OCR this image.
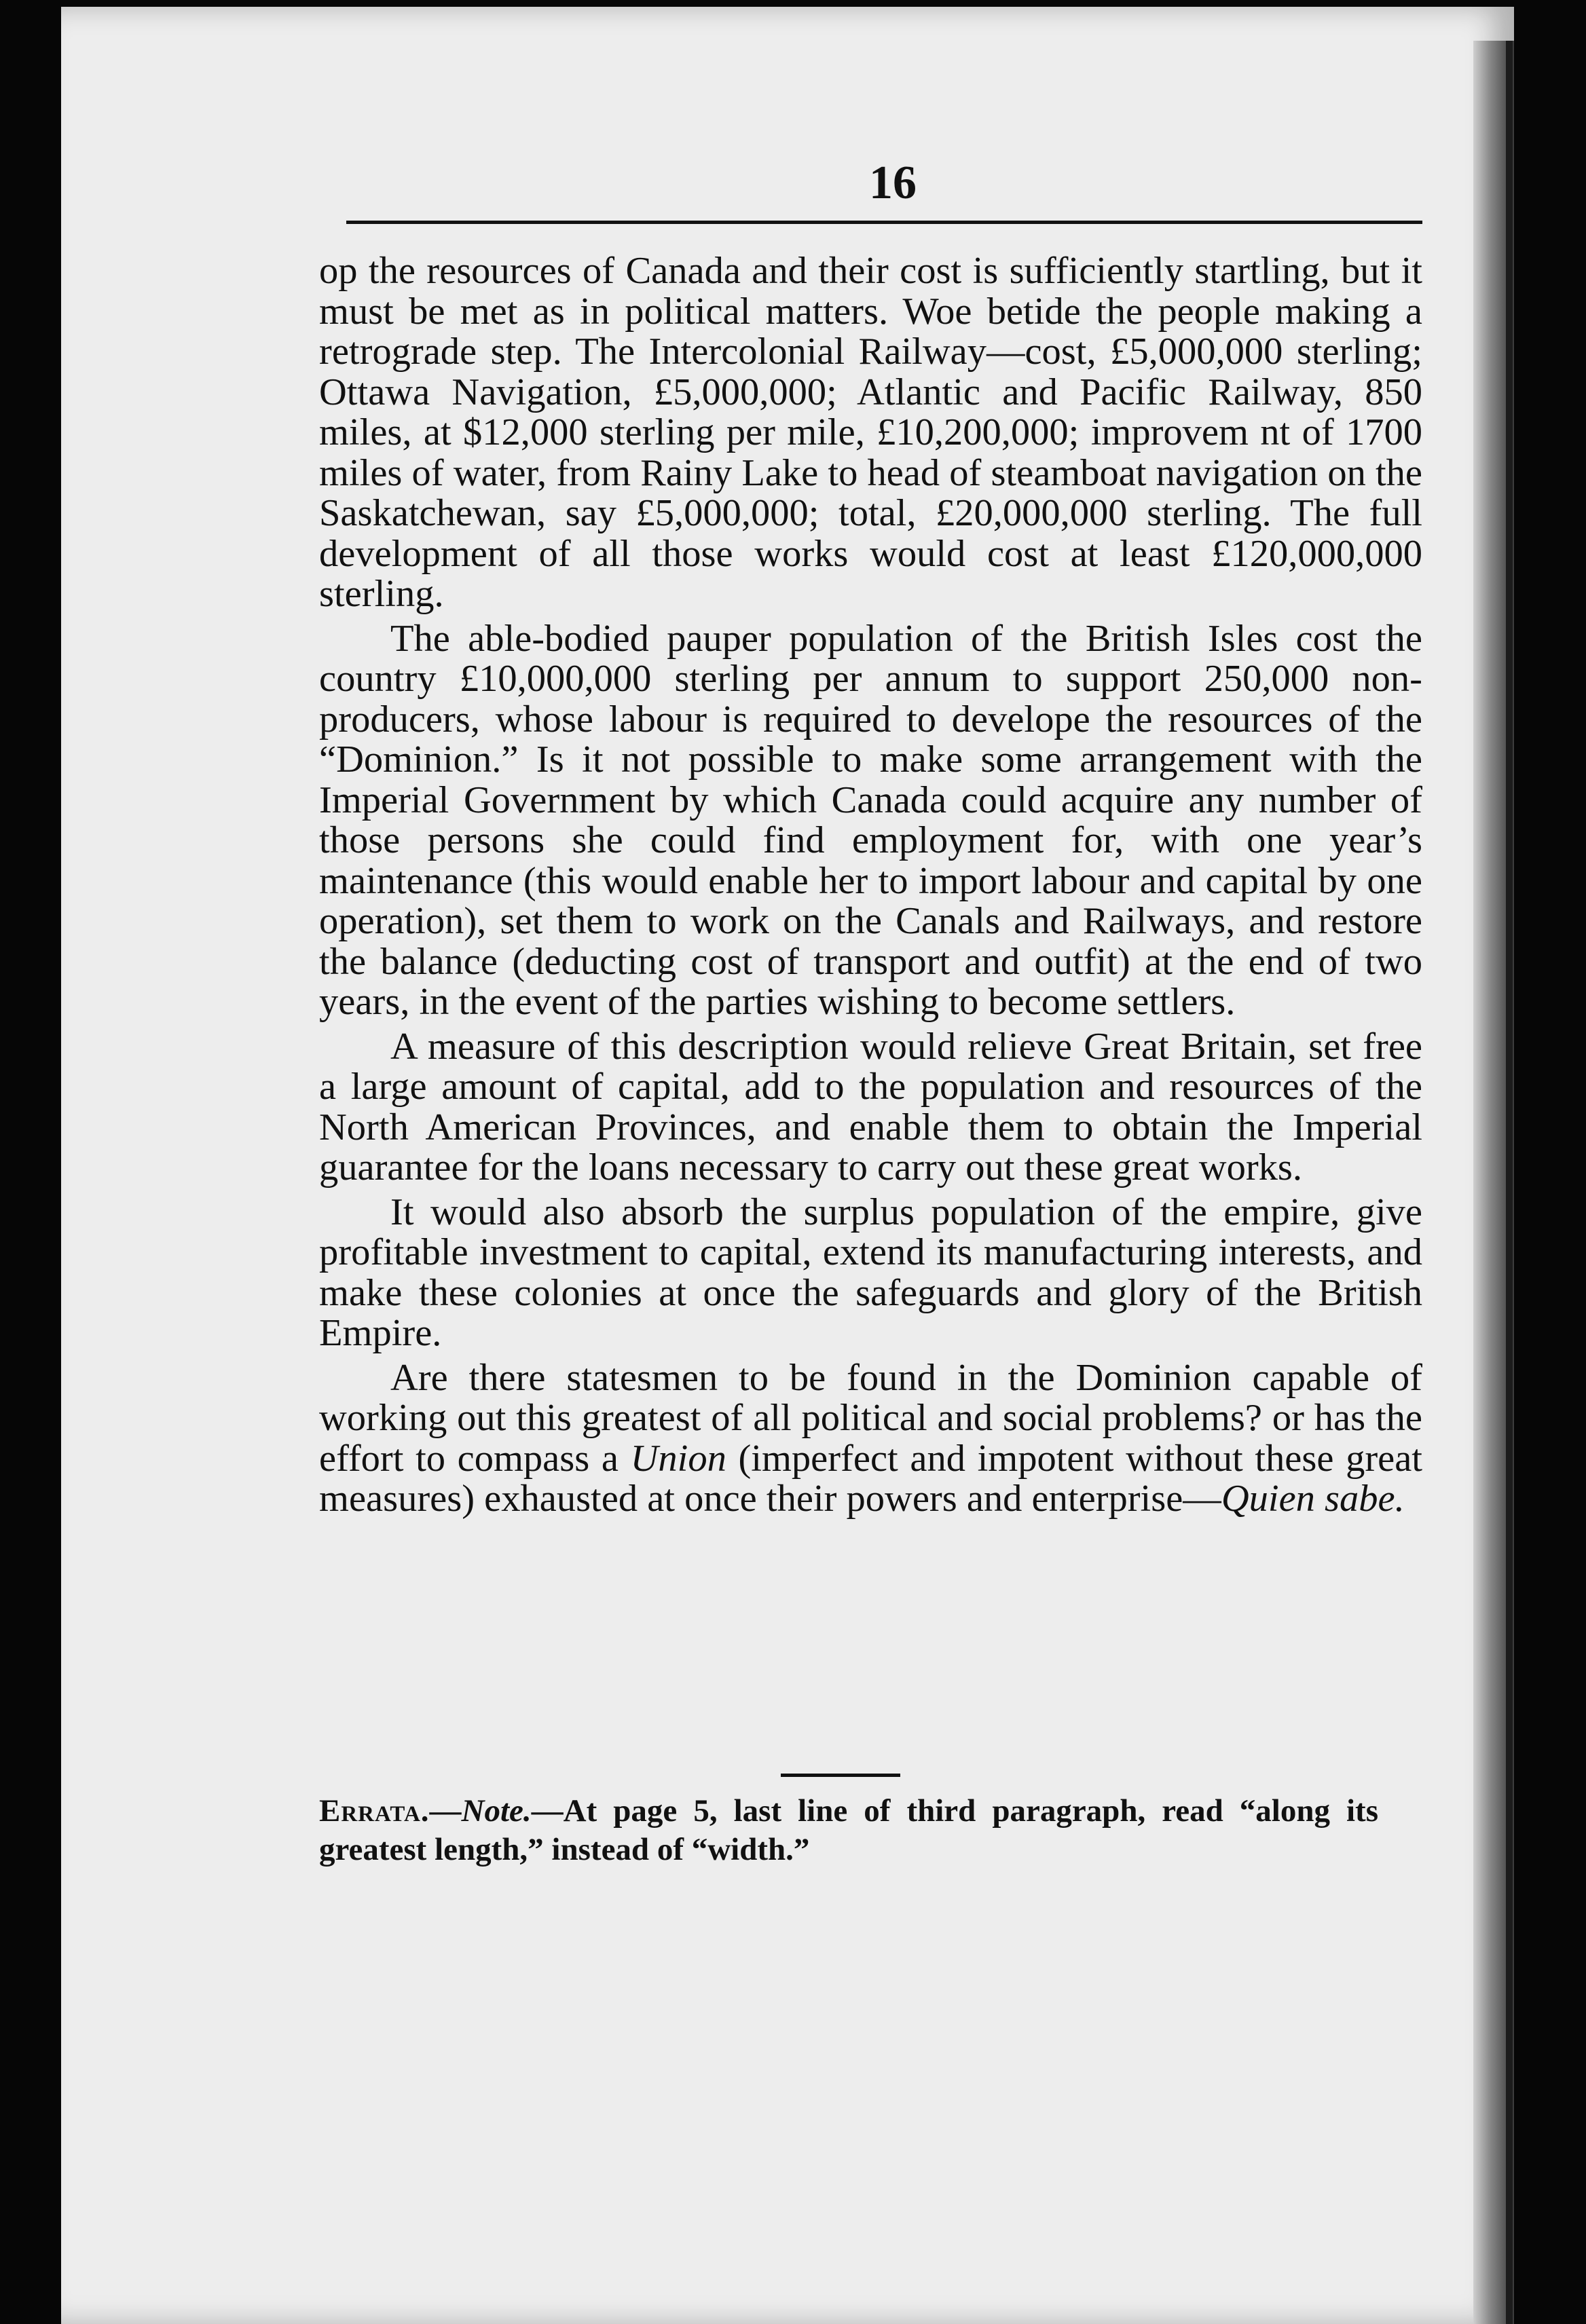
16

op the resources of Canada and their cost is sufficiently startling, but it must be met as in political matters. Woe betide the people making a retrograde step. The Intercolonial Railway—cost, £5,000,000 sterling; Ottawa Navigation, £5,000,000; Atlantic and Pacific Railway, 850 miles, at $12,000 sterling per mile, £10,200,000; improvem nt of 1700 miles of water, from Rainy Lake to head of steamboat navigation on the Saskatchewan, say £5,000,000; total, £20,000,000 sterling. The full development of all those works would cost at least £120,000,000 sterling.

The able-bodied pauper population of the British Isles cost the country £10,000,000 sterling per annum to support 250,000 non-producers, whose labour is required to develope the resources of the “Dominion.” Is it not possible to make some arrangement with the Imperial Government by which Canada could acquire any number of those persons she could find employment for, with one year’s maintenance (this would enable her to import labour and capital by one operation), set them to work on the Canals and Railways, and restore the balance (deducting cost of transport and outfit) at the end of two years, in the event of the parties wishing to become settlers.

A measure of this description would relieve Great Britain, set free a large amount of capital, add to the population and resources of the North American Provinces, and enable them to obtain the Imperial guarantee for the loans necessary to carry out these great works.

It would also absorb the surplus population of the empire, give profitable investment to capital, extend its manufacturing interests, and make these colonies at once the safeguards and glory of the British Empire.

Are there statesmen to be found in the Dominion capable of working out this greatest of all political and social problems? or has the effort to compass a Union (imperfect and impotent without these great measures) exhausted at once their powers and enterprise—Quien sabe.

Errata.—Note.—At page 5, last line of third paragraph, read “along its greatest length,” instead of “width.”
